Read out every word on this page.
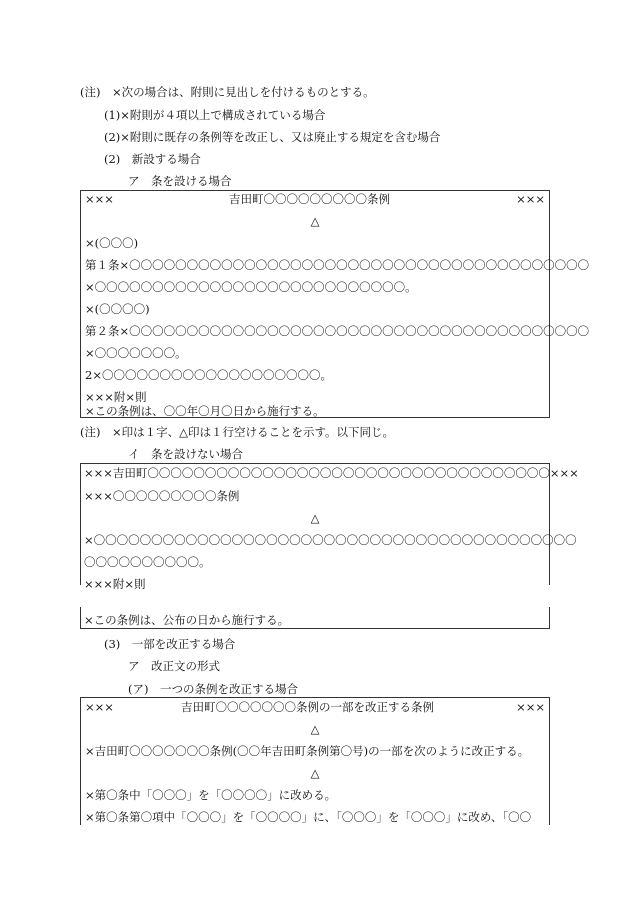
(注)　×次の場合は、附則に見出しを付けるものとする。
(1)×附則が４項以上で構成されている場合
(2)×附則に既存の条例等を改正し、又は廃止する規定を含む場合
(2)　新設する場合
ア　条を設ける場合
×××	吉田町〇〇〇〇〇〇〇〇〇条例	×××
△
×(〇〇〇)
第１条×〇〇〇〇〇〇〇〇〇〇〇〇〇〇〇〇〇〇〇〇〇〇〇〇〇〇〇〇〇〇〇〇〇〇〇〇〇〇〇〇
×〇〇〇〇〇〇〇〇〇〇〇〇〇〇〇〇〇〇〇〇〇〇〇〇〇〇〇。
×(〇〇〇〇)
第２条×〇〇〇〇〇〇〇〇〇〇〇〇〇〇〇〇〇〇〇〇〇〇〇〇〇〇〇〇〇〇〇〇〇〇〇〇〇〇〇〇
×〇〇〇〇〇〇〇。
2×〇〇〇〇〇〇〇〇〇〇〇〇〇〇〇〇〇〇〇。
×××附×則
×この条例は、〇〇年〇月〇日から施行する。
(注)　×印は１字、△印は１行空けることを示す。以下同じ。
イ　条を設けない場合
×××吉田町〇〇〇〇〇〇〇〇〇〇〇〇〇〇〇〇〇〇〇〇〇〇〇〇〇〇〇〇〇〇〇〇〇〇〇×××
×××〇〇〇〇〇〇〇〇〇条例
△
×〇〇〇〇〇〇〇〇〇〇〇〇〇〇〇〇〇〇〇〇〇〇〇〇〇〇〇〇〇〇〇〇〇〇〇〇〇〇〇〇〇〇
〇〇〇〇〇〇〇〇〇〇。
×××附×則
×この条例は、公布の日から施行する。
(3)　一部を改正する場合
ア　改正文の形式
(ア)　一つの条例を改正する場合
×××	吉田町〇〇〇〇〇〇〇条例の一部を改正する条例	×××
△
×吉田町〇〇〇〇〇〇〇条例(〇〇年吉田町条例第〇号)の一部を次のように改正する。
△
×第〇条中「〇〇〇」を「〇〇〇〇」に改める。
×第〇条第〇項中「〇〇〇」を「〇〇〇〇」に、「〇〇〇」を「〇〇〇」に改め、「〇〇
